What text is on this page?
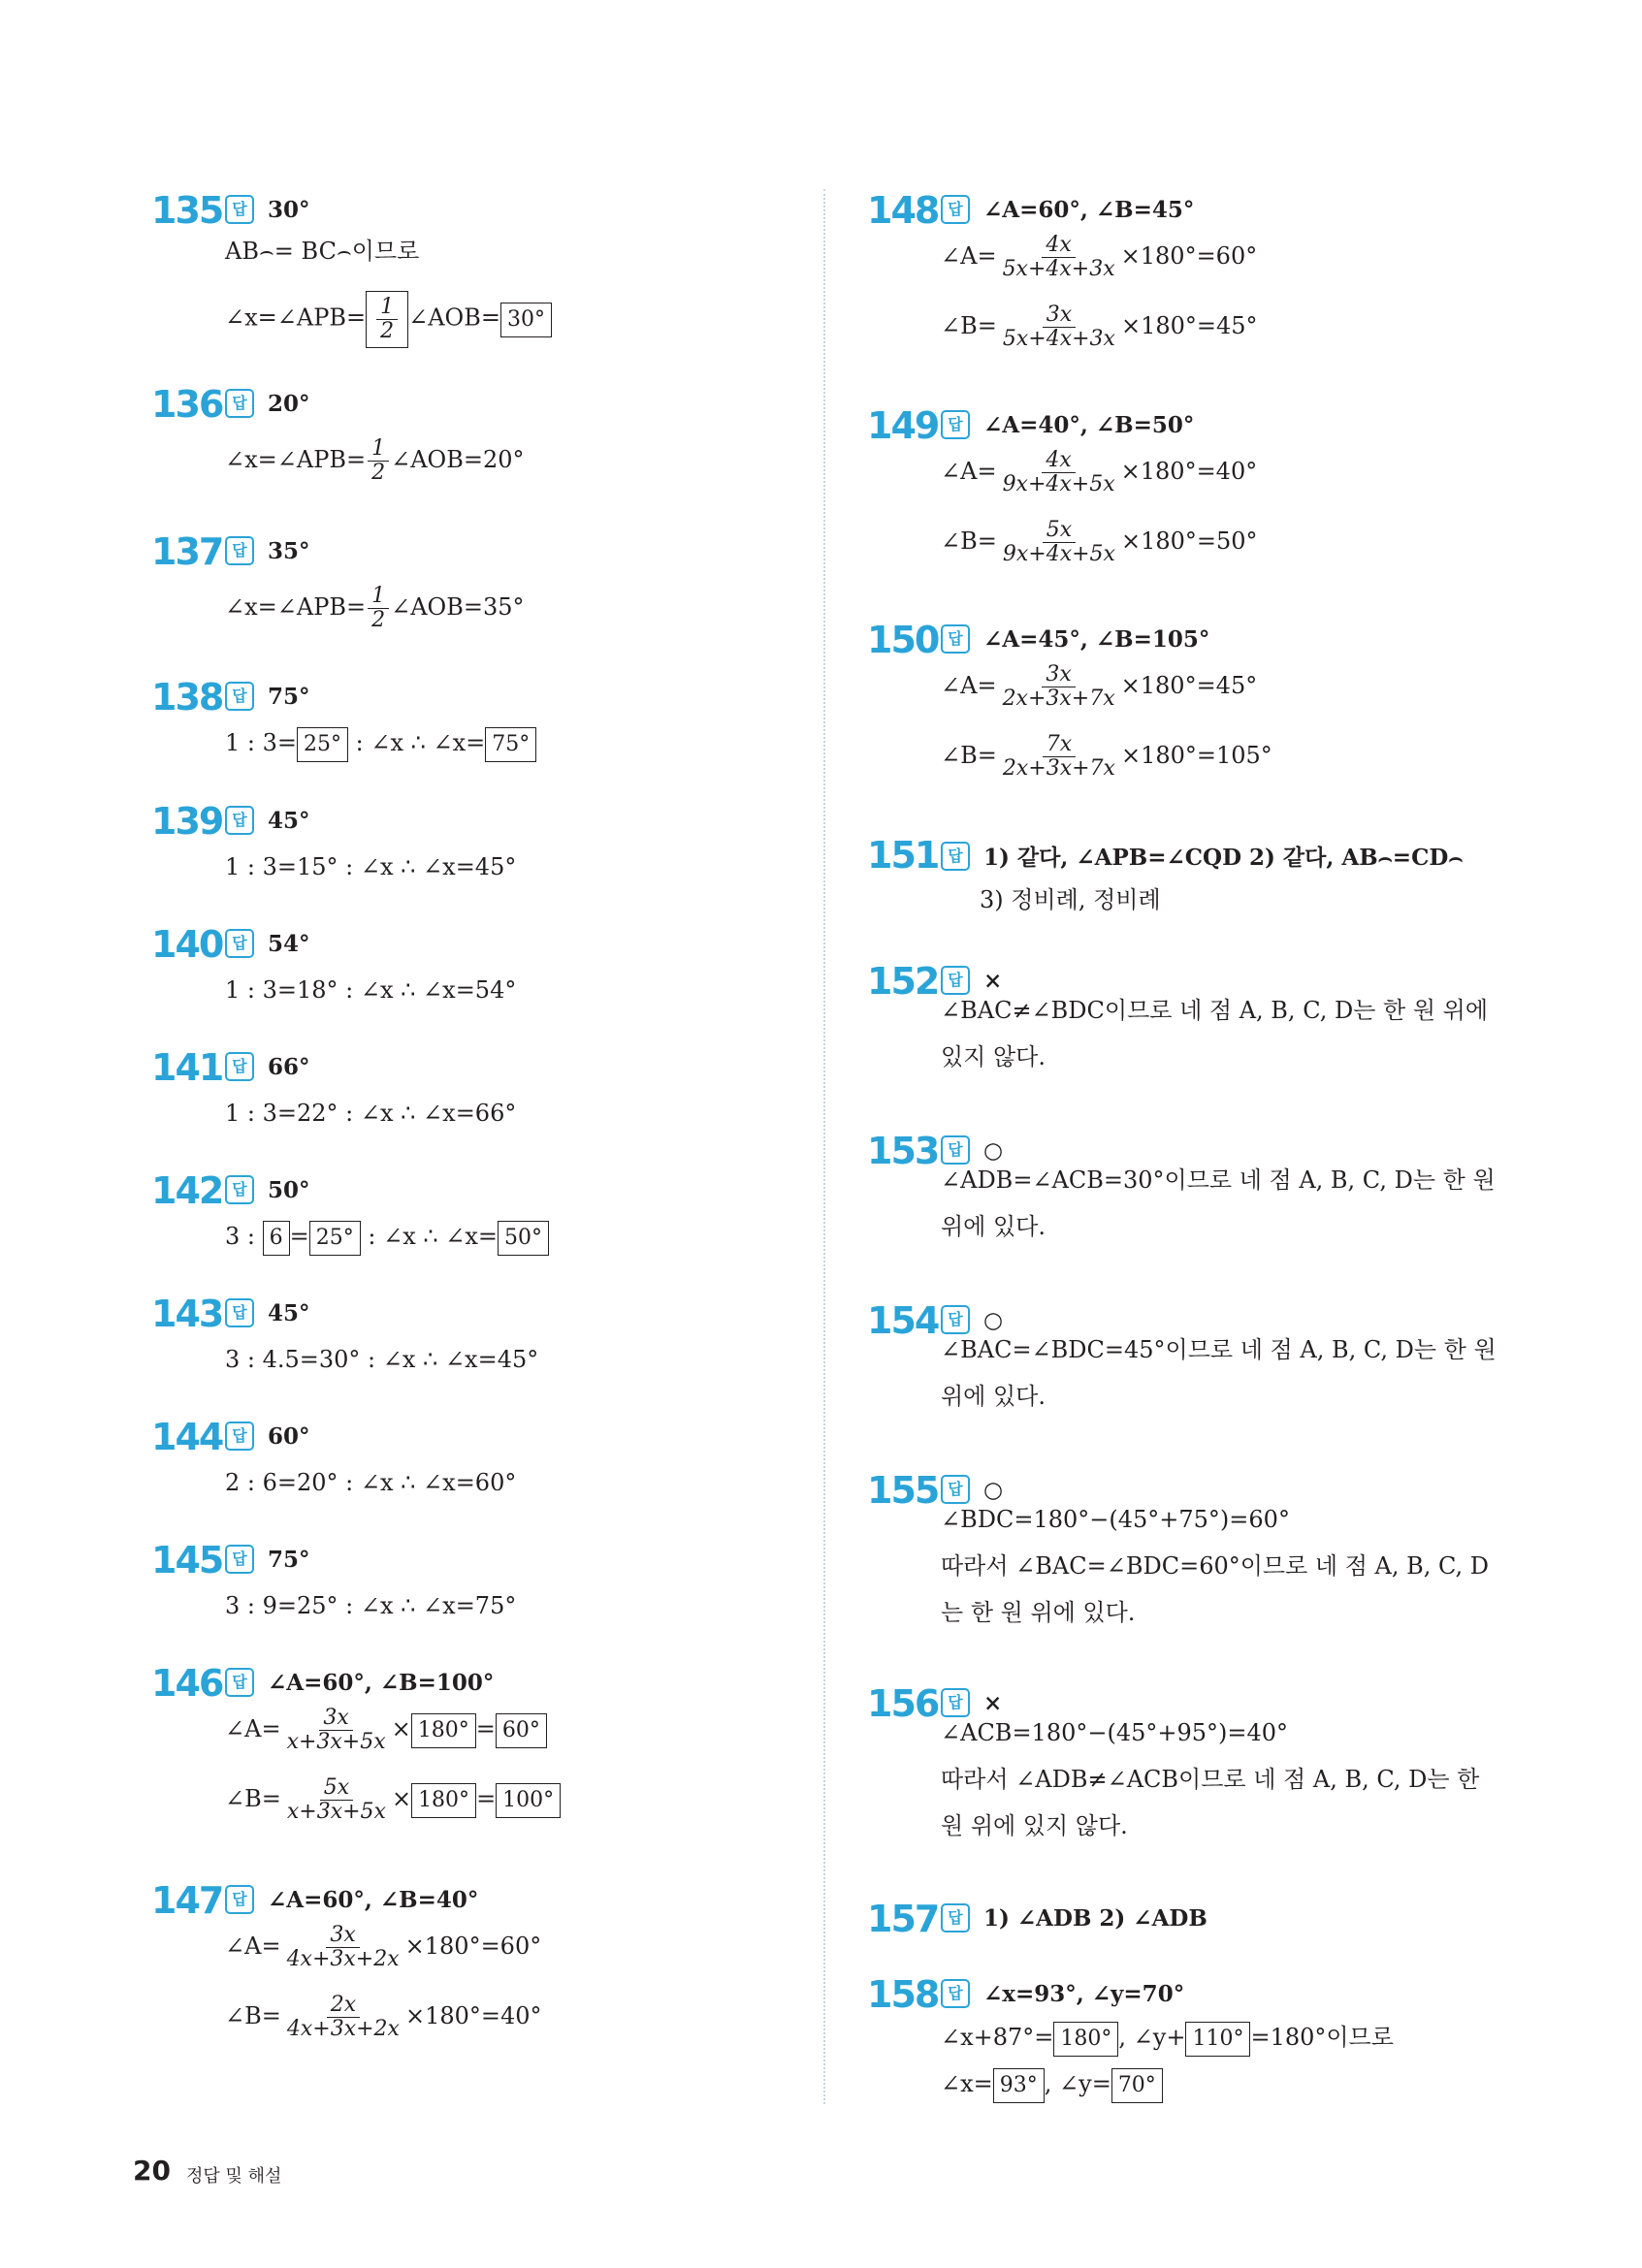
135 답 30°
AB⌢= BC⌢이므로
∠x=∠APB= $\frac{1}{2}$ ∠AOB= 30°
136 답 20°
∠x=∠APB= $\frac{1}{2}$ ∠AOB=20°
137 답 35°
∠x=∠APB= $\frac{1}{2}$ ∠AOB=35°
138 답 75°
1 : 3= 25° : ∠x ∴ ∠x= 75°
139 답 45°
1 : 3=15° : ∠x ∴ ∠x=45°
140 답 54°
1 : 3=18° : ∠x ∴ ∠x=54°
141 답 66°
1 : 3=22° : ∠x ∴ ∠x=66°
142 답 50°
3 : 6 = 25° : ∠x ∴ ∠x= 50°
143 답 45°
3 : 4.5=30° : ∠x ∴ ∠x=45°
144 답 60°
2 : 6=20° : ∠x ∴ ∠x=60°
145 답 75°
3 : 9=25° : ∠x ∴ ∠x=75°
146 답 ∠A=60°, ∠B=100°
∠A= $\frac{3x}{x+3x+5x} \times 180^\circ = 60^\circ$
∠B= $\frac{5x}{x+3x+5x} \times 180^\circ = 100^\circ$
147 답 ∠A=60°, ∠B=40°
∠A= $\frac{3x}{4x+3x+2x} \times 180^\circ=60^\circ$
∠B= $\frac{2x}{4x+3x+2x} \times 180^\circ=40^\circ$
148 답 ∠A=60°, ∠B=45°
∠A= $\frac{4x}{5x+4x+3x} \times 180^\circ=60^\circ$
∠B= $\frac{3x}{5x+4x+3x} \times 180^\circ=45^\circ$
149 답 ∠A=40°, ∠B=50°
∠A= $\frac{4x}{9x+4x+5x} \times 180^\circ=40^\circ$
∠B= $\frac{5x}{9x+4x+5x} \times 180^\circ=50^\circ$
150 답 ∠A=45°, ∠B=105°
∠A= $\frac{3x}{2x+3x+7x} \times 180^\circ=45^\circ$
∠B= $\frac{7x}{2x+3x+7x} \times 180^\circ=105^\circ$
151 답 1) 같다, ∠APB=∠CQD 2) 같다, AB⌢=CD⌢
3) 정비례, 정비례
152 답 ×
∠BAC≠∠BDC이므로 네 점 A, B, C, D는 한 원 위에 있지 않다.
153 답 ○
∠ADB=∠ACB=30°이므로 네 점 A, B, C, D는 한 원 위에 있다.
154 답 ○
∠BAC=∠BDC=45°이므로 네 점 A, B, C, D는 한 원 위에 있다.
155 답 ○
∠BDC=180°−(45°+75°)=60°
따라서 ∠BAC=∠BDC=60°이므로 네 점 A, B, C, D는 한 원 위에 있다.
156 답 ×
∠ACB=180°−(45°+95°)=40°
따라서 ∠ADB≠∠ACB이므로 네 점 A, B, C, D는 한 원 위에 있지 않다.
157 답 1) ∠ADB 2) ∠ADB
158 답 ∠x=93°, ∠y=70°
∠x+87°= 180° , ∠y+ 110° =180°이므로
∠x= 93° , ∠y= 70°
20 정답 및 해설
